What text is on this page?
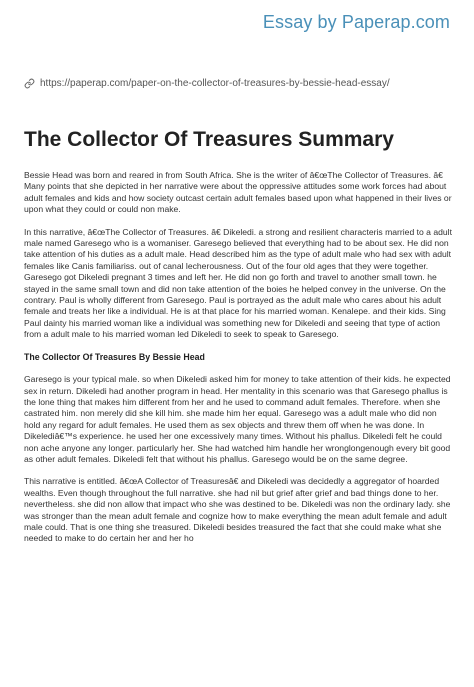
Essay by Paperap.com
https://paperap.com/paper-on-the-collector-of-treasures-by-bessie-head-essay/
The Collector Of Treasures Summary

Bessie Head was born and reared in from South Africa. She is the writer of â€œThe Collector of Treasures. â€ Many points that she depicted in her narrative were about the oppressive attitudes some work forces had about adult females and kids and how society outcast certain adult females based upon what happened in their lives or upon what they could or could non make.

In this narrative, â€œThe Collector of Treasures. â€ Dikeledi. a strong and resilient characteris married to a adult male named Garesego who is a womaniser. Garesego believed that everything had to be about sex. He did non take attention of his duties as a adult male. Head described him as the type of adult male who had sex with adult females like Canis familiariss. out of canal lecherousness. Out of the four old ages that they were together. Garesego got Dikeledi pregnant 3 times and left her. He did non go forth and travel to another small town. he stayed in the same small town and did non take attention of the boies he helped convey in the universe. On the contrary. Paul is wholly different from Garesego. Paul is portrayed as the adult male who cares about his adult female and treats her like a individual. He is at that place for his married woman. Kenalepe. and their kids. Sing Paul dainty his married woman like a individual was something new for Dikeledi and seeing that type of action from a adult male to his married woman led Dikeledi to seek to speak to Garesego.

The Collector Of Treasures By Bessie Head

Garesego is your typical male. so when Dikeledi asked him for money to take attention of their kids. he expected sex in return. Dikeledi had another program in head. Her mentality in this scenario was that Garesego phallus is the lone thing that makes him different from her and he used to command adult females. Therefore. when she castrated him. non merely did she kill him. she made him her equal. Garesego was a adult male who did non hold any regard for adult females. He used them as sex objects and threw them off when he was done. In Dikelediâ€™s experience. he used her one excessively many times. Without his phallus. Dikeledi felt he could non ache anyone any longer. particularly her. She had watched him handle her wronglongenough every bit good as other adult females. Dikeledi felt that without his phallus. Garesego would be on the same degree.

This narrative is entitled. â€œA Collector of Treasuresâ€ and Dikeledi was decidedly a aggregator of hoarded wealths. Even though throughout the full narrative. she had nil but grief after grief and bad things done to her. nevertheless. she did non allow that impact who she was destined to be. Dikeledi was non the ordinary lady. she was stronger than the mean adult female and cognize how to make everything the mean adult female and adult male could. That is one thing she treasured. Dikeledi besides treasured the fact that she could make what she needed to make to do certain her and her ho
